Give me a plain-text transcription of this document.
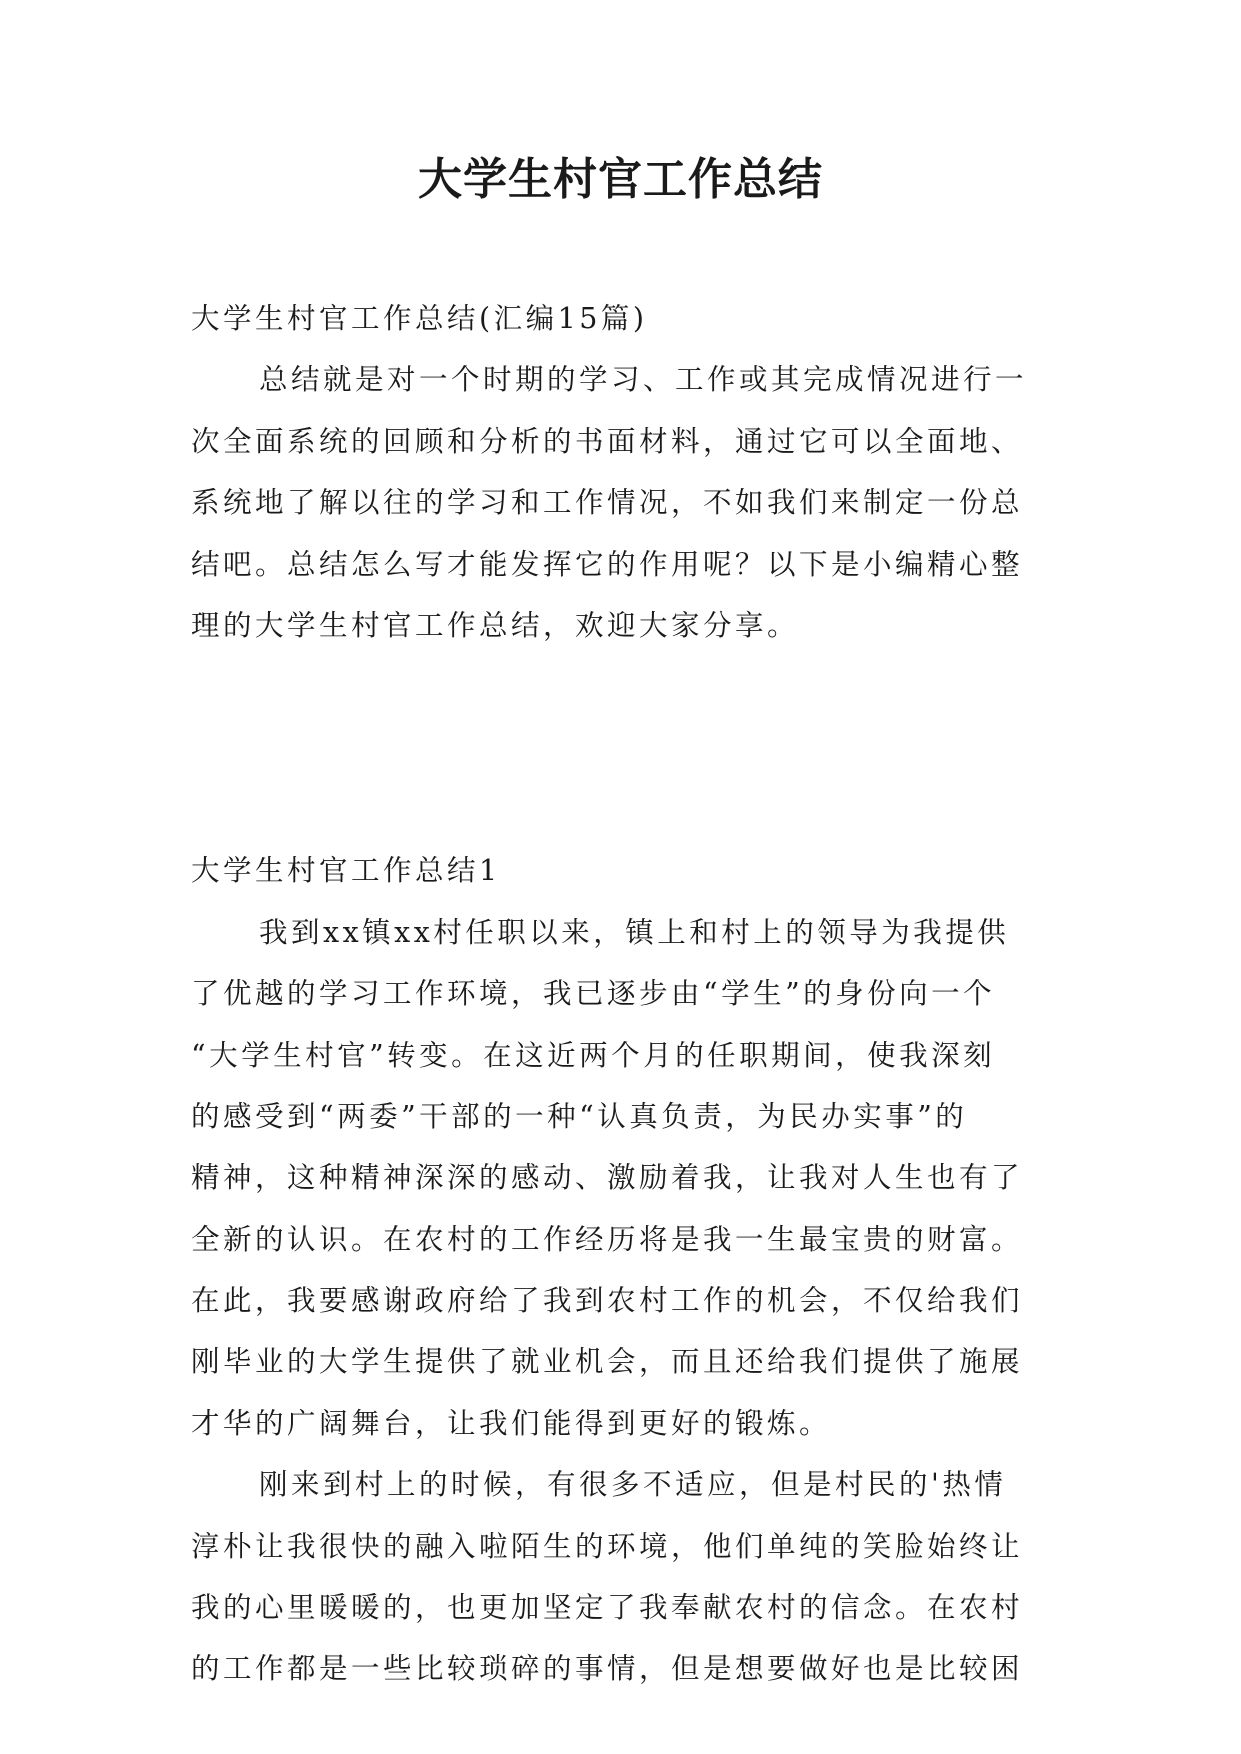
大学生村官工作总结
大学生村官工作总结(汇编15篇)
总结就是对一个时期的学习、工作或其完成情况进行一
次全面系统的回顾和分析的书面材料，通过它可以全面地、
系统地了解以往的学习和工作情况，不如我们来制定一份总
结吧。总结怎么写才能发挥它的作用呢？以下是小编精心整
理的大学生村官工作总结，欢迎大家分享。
大学生村官工作总结1
我到xx镇xx村任职以来，镇上和村上的领导为我提供
了优越的学习工作环境，我已逐步由“学生”的身份向一个
“大学生村官”转变。在这近两个月的任职期间，使我深刻
的感受到“两委”干部的一种“认真负责，为民办实事”的
精神，这种精神深深的感动、激励着我，让我对人生也有了
全新的认识。在农村的工作经历将是我一生最宝贵的财富。
在此，我要感谢政府给了我到农村工作的机会，不仅给我们
刚毕业的大学生提供了就业机会，而且还给我们提供了施展
才华的广阔舞台，让我们能得到更好的锻炼。
刚来到村上的时候，有很多不适应，但是村民的'热情
淳朴让我很快的融入啦陌生的环境，他们单纯的笑脸始终让
我的心里暖暖的，也更加坚定了我奉献农村的信念。在农村
的工作都是一些比较琐碎的事情，但是想要做好也是比较困
